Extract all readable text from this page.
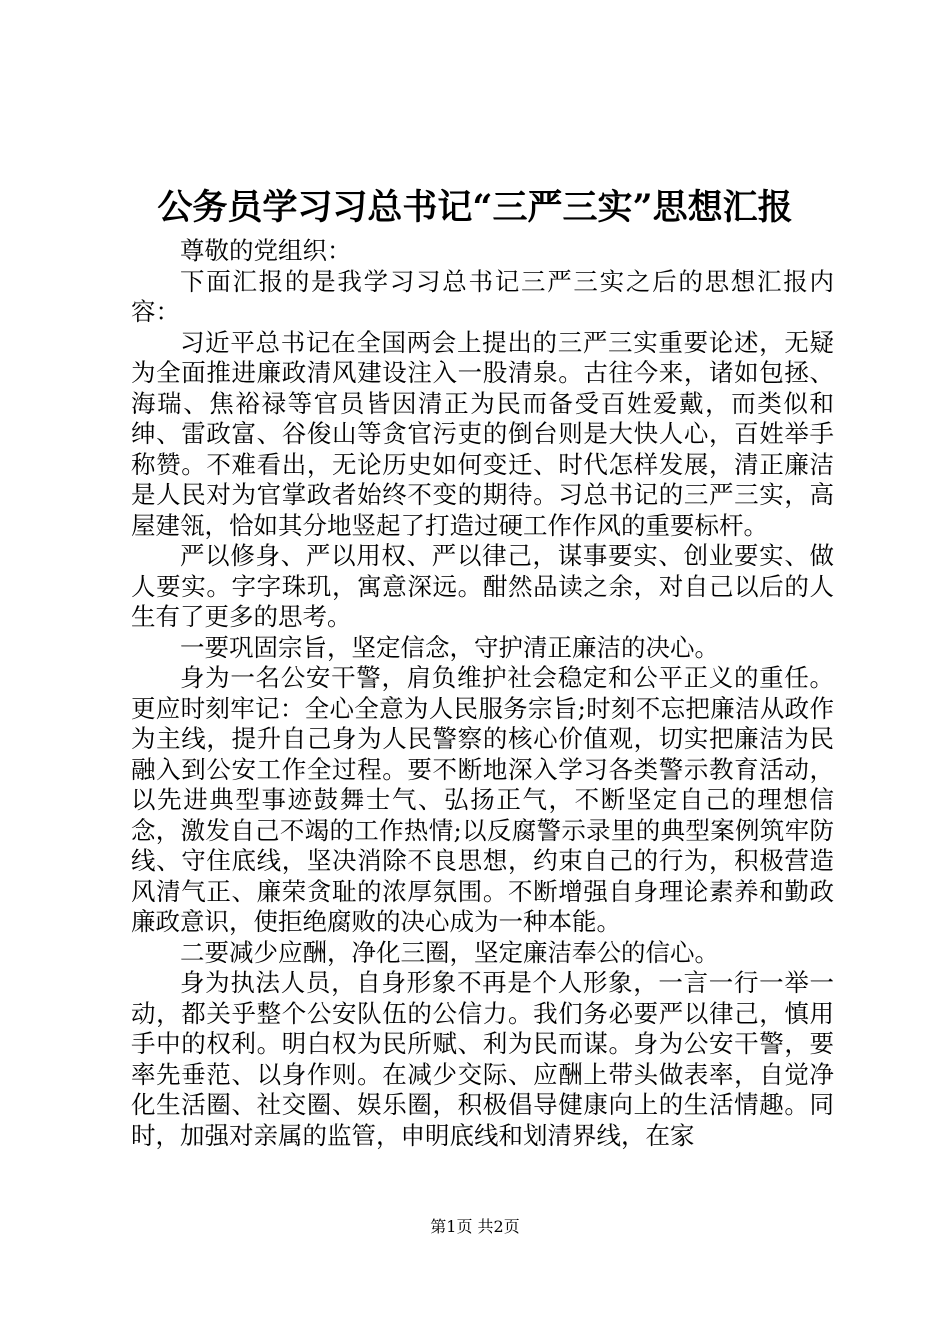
公务员学习习总书记“三严三实”思想汇报

尊敬的党组织：

下面汇报的是我学习习总书记三严三实之后的思想汇报内容：

习近平总书记在全国两会上提出的三严三实重要论述，无疑为全面推进廉政清风建设注入一股清泉。古往今来，诸如包拯、海瑞、焦裕禄等官员皆因清正为民而备受百姓爱戴，而类似和绅、雷政富、谷俊山等贪官污吏的倒台则是大快人心，百姓举手称赞。不难看出，无论历史如何变迁、时代怎样发展，清正廉洁是人民对为官掌政者始终不变的期待。习总书记的三严三实，高屋建瓴，恰如其分地竖起了打造过硬工作作风的重要标杆。

严以修身、严以用权、严以律己，谋事要实、创业要实、做人要实。字字珠玑，寓意深远。酣然品读之余，对自己以后的人生有了更多的思考。

一要巩固宗旨，坚定信念，守护清正廉洁的决心。

身为一名公安干警，肩负维护社会稳定和公平正义的重任。更应时刻牢记：全心全意为人民服务宗旨;时刻不忘把廉洁从政作为主线，提升自己身为人民警察的核心价值观，切实把廉洁为民融入到公安工作全过程。要不断地深入学习各类警示教育活动，以先进典型事迹鼓舞士气、弘扬正气，不断坚定自己的理想信念，激发自己不竭的工作热情;以反腐警示录里的典型案例筑牢防线、守住底线，坚决消除不良思想，约束自己的行为，积极营造风清气正、廉荣贪耻的浓厚氛围。不断增强自身理论素养和勤政廉政意识，使拒绝腐败的决心成为一种本能。

二要减少应酬，净化三圈，坚定廉洁奉公的信心。

身为执法人员，自身形象不再是个人形象，一言一行一举一动，都关乎整个公安队伍的公信力。我们务必要严以律己，慎用手中的权利。明白权为民所赋、利为民而谋。身为公安干警，要率先垂范、以身作则。在减少交际、应酬上带头做表率，自觉净化生活圈、社交圈、娱乐圈，积极倡导健康向上的生活情趣。同时，加强对亲属的监管，申明底线和划清界线，在家

第1页 共2页
